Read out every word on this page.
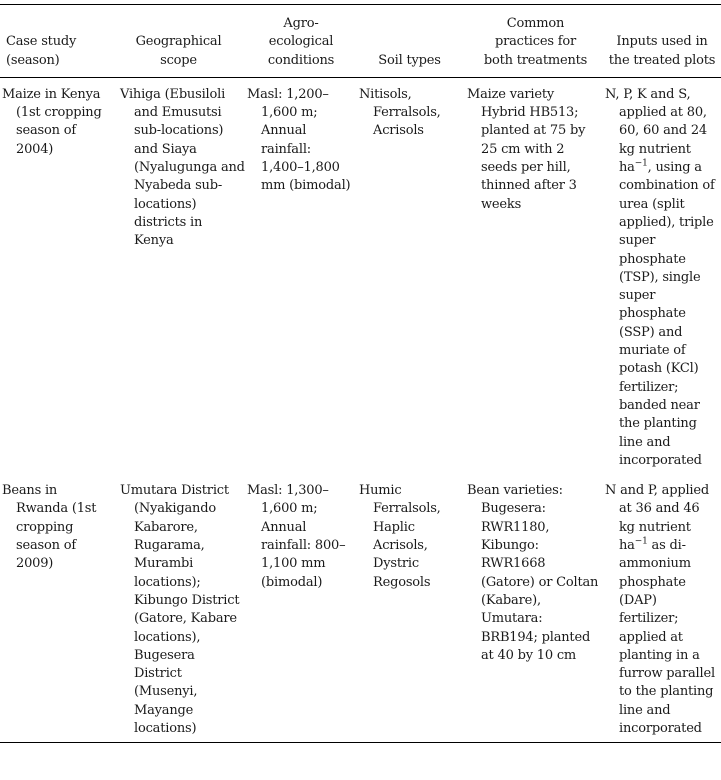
Case study (season)	Geographical scope	Agro-ecological conditions	Soil types	Common practices for both treatments	Inputs used in the treated plots

Maize in Kenya (1st cropping season of 2004)	Vihiga (Ebusiloli and Emusutsi sub-locations) and Siaya (Nyalugunga and Nyabeda sub-locations) districts in Kenya	Masl: 1,200–1,600 m; Annual rainfall: 1,400–1,800 mm (bimodal)	Nitisols, Ferralsols, Acrisols	Maize variety Hybrid HB513; planted at 75 by 25 cm with 2 seeds per hill, thinned after 3 weeks	N, P, K and S, applied at 80, 60, 60 and 24 kg nutrient $ha^{-1}$, using a combination of urea (split applied), triple super phosphate (TSP), single super phosphate (SSP) and muriate of potash (KCl) fertilizer; banded near the planting line and incorporated

Beans in Rwanda (1st cropping season of 2009)	Umutara District (Nyakigando Kabarore, Rugarama, Murambi locations); Kibungo District (Gatore, Kabare locations), Bugesera District (Musenyi, Mayange locations)	Masl: 1,300–1,600 m; Annual rainfall: 800– 1,100 mm (bimodal)	Humic Ferralsols, Haplic Acrisols, Dystric Regosols	Bean varieties: Bugesera: RWR1180, Kibungo: RWR1668 (Gatore) or Coltan (Kabare), Umutara: BRB194; planted at 40 by 10 cm	N and P, applied at 36 and 46 kg nutrient $ha^{-1}$ as di-ammonium phosphate (DAP) fertilizer; applied at planting in a furrow parallel to the planting line and incorporated
